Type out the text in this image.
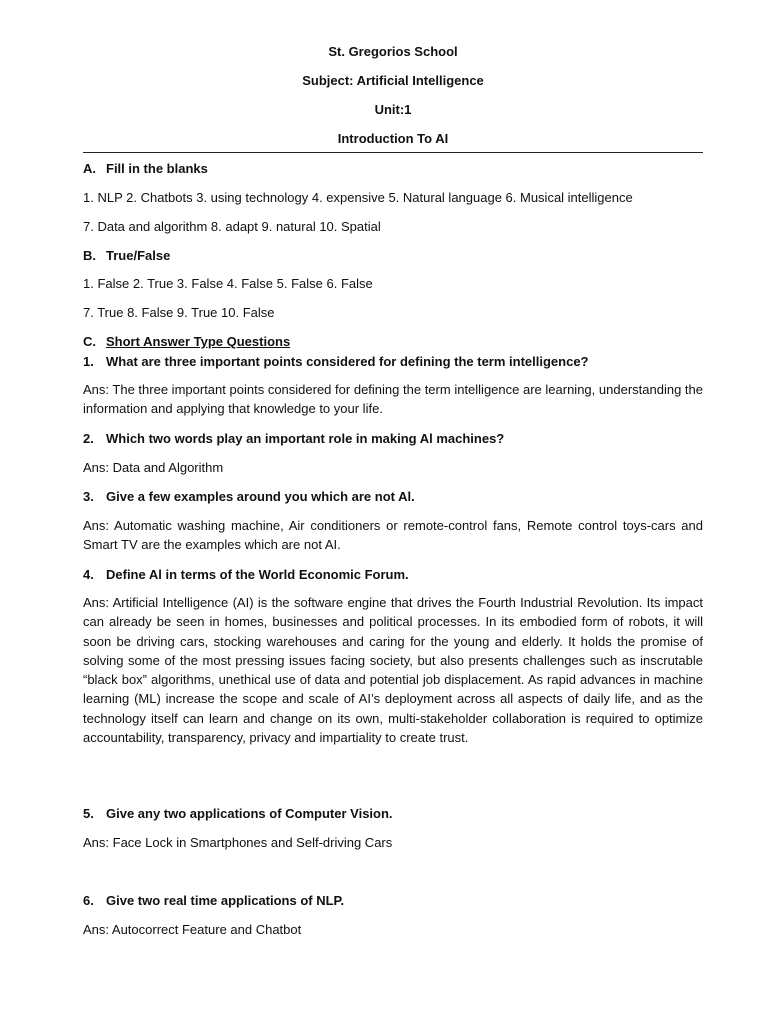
St. Gregorios School
Subject: Artificial Intelligence
Unit:1
Introduction To AI
A. Fill in the blanks
1. NLP 2. Chatbots 3. using technology 4. expensive 5. Natural language 6. Musical intelligence
7. Data and algorithm 8. adapt 9. natural 10. Spatial
B. True/False
1. False 2. True 3. False 4. False 5. False 6. False
7. True 8. False 9. True 10. False
C. Short Answer Type Questions
1. What are three important points considered for defining the term intelligence?
Ans: The three important points considered for defining the term intelligence are learning, understanding the information and applying that knowledge to your life.
2. Which two words play an important role in making Al machines?
Ans: Data and Algorithm
3. Give a few examples around you which are not Al.
Ans: Automatic washing machine, Air conditioners or remote-control fans, Remote control toys-cars and Smart TV are the examples which are not AI.
4. Define Al in terms of the World Economic Forum.
Ans: Artificial Intelligence (AI) is the software engine that drives the Fourth Industrial Revolution. Its impact can already be seen in homes, businesses and political processes. In its embodied form of robots, it will soon be driving cars, stocking warehouses and caring for the young and elderly. It holds the promise of solving some of the most pressing issues facing society, but also presents challenges such as inscrutable “black box” algorithms, unethical use of data and potential job displacement. As rapid advances in machine learning (ML) increase the scope and scale of AI’s deployment across all aspects of daily life, and as the technology itself can learn and change on its own, multi-stakeholder collaboration is required to optimize accountability, transparency, privacy and impartiality to create trust.
5. Give any two applications of Computer Vision.
Ans: Face Lock in Smartphones and Self-driving Cars
6. Give two real time applications of NLP.
Ans: Autocorrect Feature and Chatbot
